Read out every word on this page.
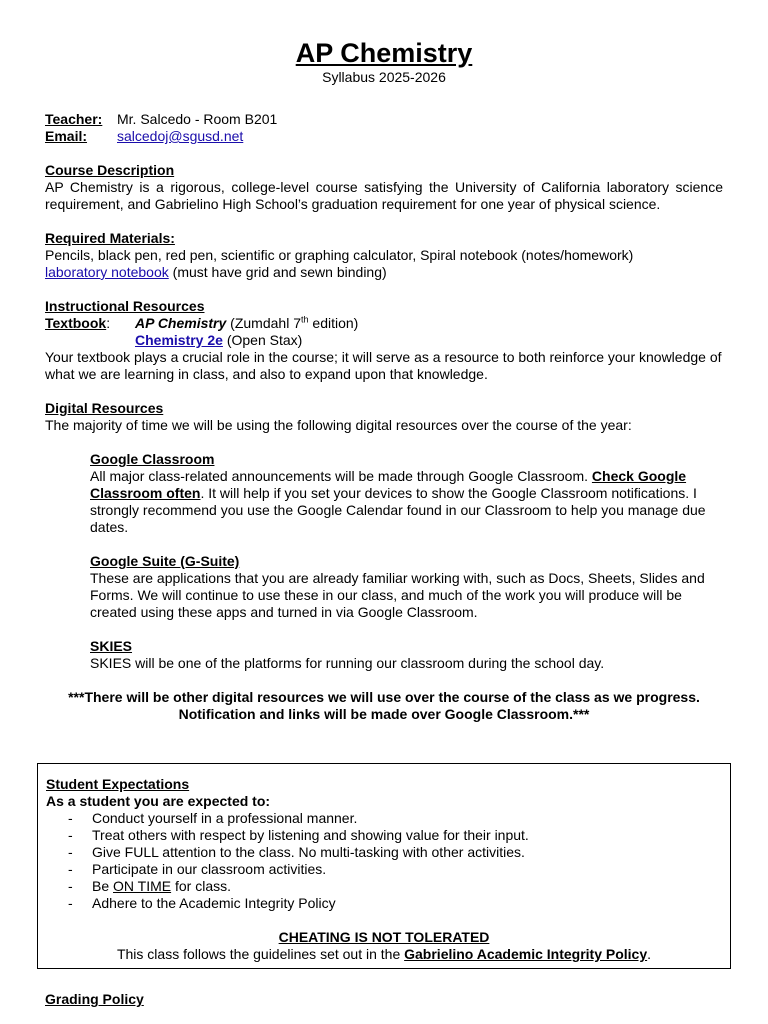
AP Chemistry

Syllabus 2025-2026

Teacher:	Mr. Salcedo - Room B201
Email:	salcedoj@sgusd.net

Course Description

AP Chemistry is a rigorous, college-level course satisfying the University of California laboratory science requirement, and Gabrielino High School’s graduation requirement for one year of physical science.

Required Materials:

Pencils, black pen, red pen, scientific or graphing calculator, Spiral notebook (notes/homework)

laboratory notebook (must have grid and sewn binding)

Instructional Resources

Textbook: AP Chemistry (Zumdahl 7th edition)

Chemistry 2e (Open Stax)

Your textbook plays a crucial role in the course; it will serve as a resource to both reinforce your knowledge of what we are learning in class, and also to expand upon that knowledge.

Digital Resources

The majority of time we will be using the following digital resources over the course of the year:

Google Classroom

All major class-related announcements will be made through Google Classroom. Check Google Classroom often. It will help if you set your devices to show the Google Classroom notifications. I strongly recommend you use the Google Calendar found in our Classroom to help you manage due dates.

Google Suite (G-Suite)

These are applications that you are already familiar working with, such as Docs, Sheets, Slides and Forms. We will continue to use these in our class, and much of the work you will produce will be created using these apps and turned in via Google Classroom.

SKIES

SKIES will be one of the platforms for running our classroom during the school day.

***There will be other digital resources we will use over the course of the class as we progress.

Notification and links will be made over Google Classroom.***

Student Expectations

As a student you are expected to:

- Conduct yourself in a professional manner.
- Treat others with respect by listening and showing value for their input.
- Give FULL attention to the class. No multi-tasking with other activities.
- Participate in our classroom activities.
- Be ON TIME for class.
- Adhere to the Academic Integrity Policy

CHEATING IS NOT TOLERATED

This class follows the guidelines set out in the Gabrielino Academic Integrity Policy.

Grading Policy
